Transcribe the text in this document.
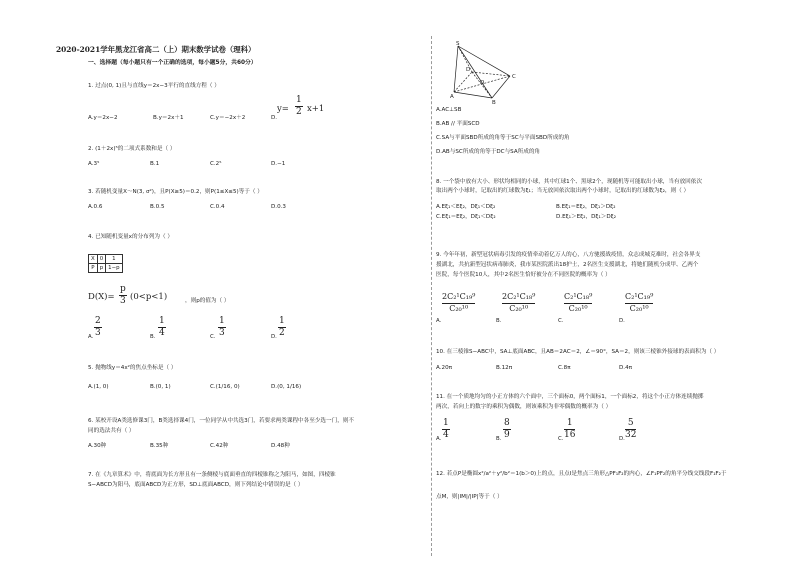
2020-2021学年黑龙江省高二（上）期末数学试卷（理科）
一、选择题（每小题只有一个正确的选项，每小题5分，共60分）
1. 过点(0, 1)且与直线y＝2x−3平行的直线方程（ ）
A.y＝2x−2	B.y＝2x＋1	C.y＝−2x＋2	D.
y=
1
2 x+1
2. (1＋2x)⁵的二项式系数和是（ ）
A.3⁵	B.1	C.2⁵	D.−1
3. 若随机变量X～N(3, σ²)，且P(X≥5)＝0.2，则P(1≤X≤5)等于（ ）
A.0.6	B.0.5	C.0.4	D.0.3
4. 已知随机变量x的分布列为（ ）
X	0	1
P	p	1−p
D(X)=
p
3 (0<p<1)	，则p的值为（ ）
A.
2
3	B.
1
4	C.
1
3	D.
1
2
5. 抛物线y＝4x²的焦点坐标是（ ）
A.(1, 0)	B.(0, 1)	C.(1/16, 0)	D.(0, 1/16)
6. 某校开设A类选修课3门，B类选择课4门，一位同学从中共选3门，若要求两类课程中各至少选一门，则不
同的选法共有（ ）
A.30种	B.35种	C.42种	D.48种
7. 在《九章算术》中，将底面为长方形且有一条侧棱与底面垂直的四棱锥称之为阳马，如图，四棱锥
S−ABCD为阳马，底面ABCD为正方形，SD⊥底面ABCD，则下列结论中错误的是（ ）
S
A
B
C
D
O
A.AC⊥SB
B.AB // 平面SCD
C.SA与平面SBD所成的角等于SC与平面SBD所成的角
D.AB与SC所成的角等于DC与SA所成的角
8. 一个袋中放有大小、形状均相同的小球，其中红球1个、黑球2个，现随机等可能取出小球，当有放回依次
取出两个小球时，记取出的红球数为ξ₁；当无放回依次取出两个小球时，记取出的红球数为ξ₂，则（ ）
A.Eξ₁＜Eξ₂，Dξ₁＜Dξ₂	B.Eξ₁＝Eξ₂，Dξ₁＞Dξ₂
C.Eξ₁＝Eξ₂，Dξ₁＜Dξ₂	D.Eξ₁＞Eξ₂，Dξ₁＞Dξ₂
9. 今年年初，新型冠状病毒引发的疫情牵动着亿万人的心，八方驰援战疫情，众志成城克难时，社会各界支
援湖北，共抗新型冠状病毒肺炎，我市某医院派出18护士，2名医生支援湖北，将她们随机分成甲、乙两个
医院，每个医院10人，其中2名医生恰好被分在不同医院的概率为（ ）
A.
2C₂¹C₁₉⁹
C₂₀¹⁰
B.
2C₂¹C₁₈⁹
C₂₀¹⁰
C.
C₂¹C₁₈⁹
C₂₀¹⁰
D.
C₂¹C₁₉⁹
C₂₀¹⁰
10. 在三棱锥S−ABC中，SA⊥底面ABC，且AB＝2AC＝2，∠＝90°，SA＝2，则该三棱锥外接球的表面积为（ ）
A.20π	B.12π	C.8π	D.4π
11. 在一个质地均匀的小正方体的六个面中，三个面标0，两个面标1，一个面标2，将这个小正方体连续抛掷
两次，若向上的数字的乘积为偶数，则该乘积为非零偶数的概率为（ ）
A.
1
4	B.
8
9	C.
1
16	D.
5
32
12. 若点P是椭圆x²/a²＋y²/b²＝1(b＞0)上的点，且点I是焦点三角形△PF₁F₂的内心，∠F₁PF₂的角平分线交线段F₁F₂于
点M，则|IM|/|IP|等于（ ）
